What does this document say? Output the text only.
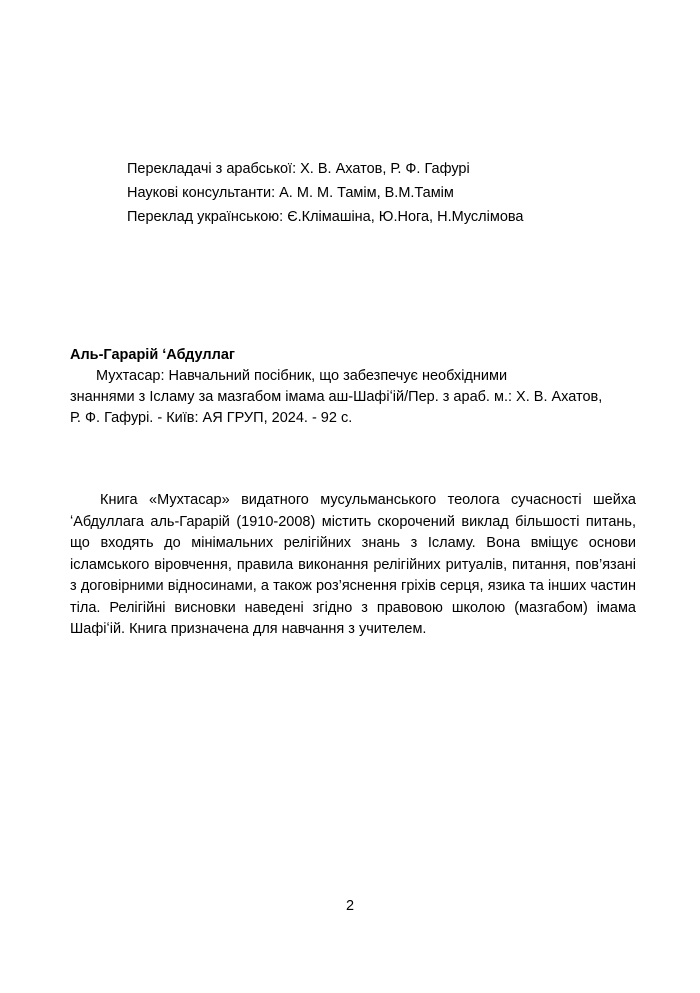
Перекладачі з арабської: Х. В. Ахатов, Р. Ф. Гафурі
Наукові консультанти: А. М. М. Тамім, В.М.Тамім
Переклад українською: Є.Клімашіна, Ю.Нога, Н.Муслімова
Аль-Гарарій ʻАбдуллаг
Мухтасар: Навчальний посібник, що забезпечує необхідними
знаннями з Ісламу за мазгабом імама аш-Шафіʻій/Пер. з араб. м.: Х. В. Ахатов,
Р. Ф. Гафурі. - Київ: АЯ ГРУП, 2024. - 92 с.

Книга «Мухтасар» видатного мусульманського теолога сучасності шейха ʻАбдуллага аль-Гарарій (1910-2008) містить скорочений виклад більшості питань, що входять до мінімальних релігійних знань з Ісламу. Вона вміщує основи ісламського віровчення, правила виконання релігійних ритуалів, питання, пов’язані з договірними відносинами, а також роз’яснення гріхів серця, язика та інших частин тіла. Релігійні висновки наведені згідно з правовою школою (мазгабом) імама Шафіʻій. Книга призначена для навчання з учителем.

2
